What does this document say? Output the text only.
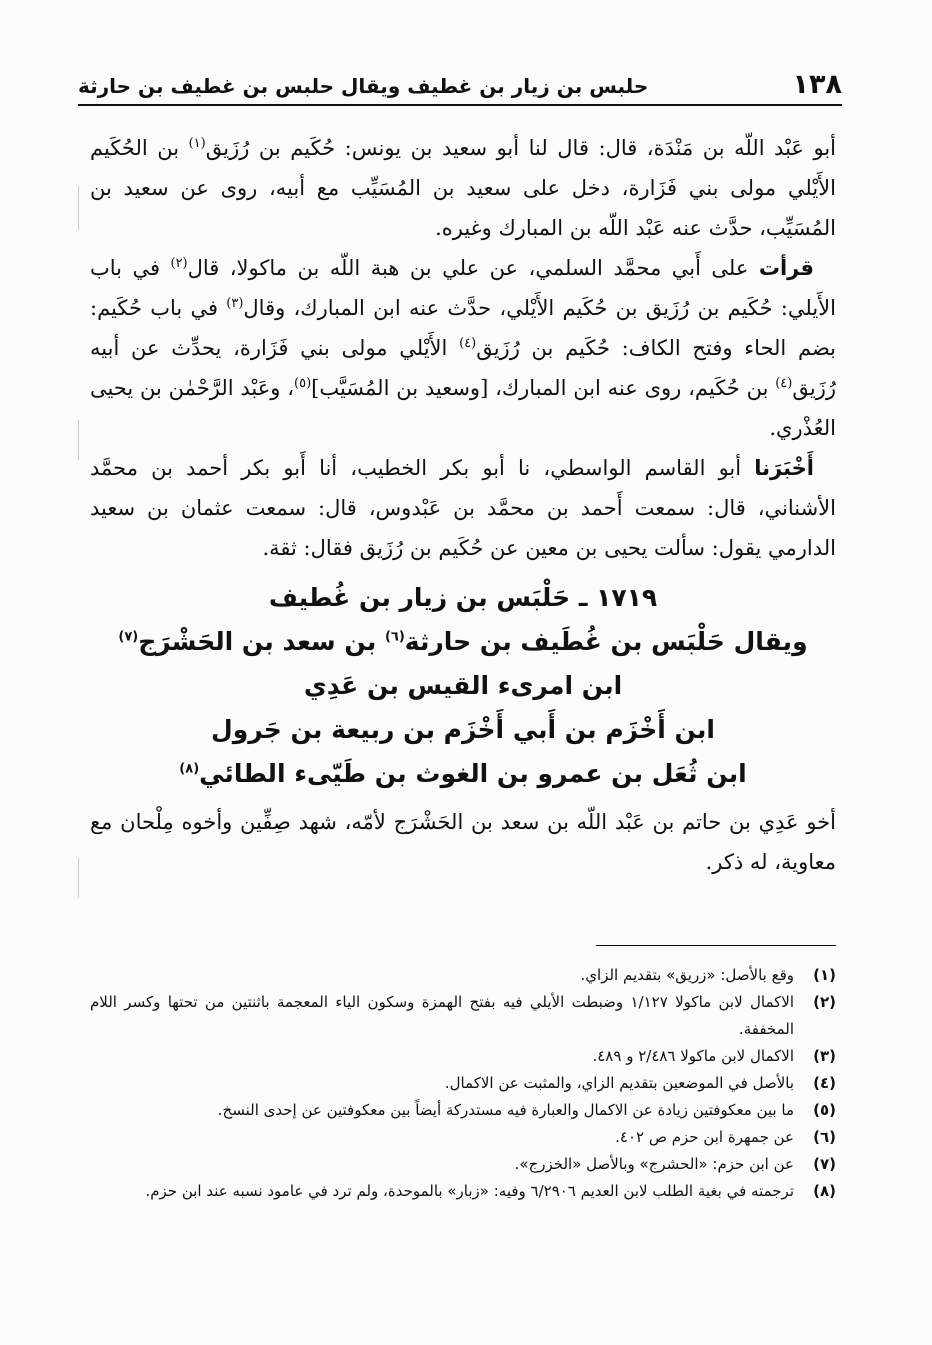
١٣٨
حلبس بن زيار بن غطيف ويقال حلبس بن غطيف بن حارثة

أبو عَبْد اللّه بن مَنْدَة، قال: قال لنا أبو سعيد بن يونس: حُكَيم بن رُزَيق$^{(١)}$ بن الحُكَيم الأَيْلي مولى بني فَزَارة، دخل على سعيد بن المُسَيِّب مع أبيه، روى عن سعيد بن المُسَيِّب، حدَّث عنه عَبْد اللّه بن المبارك وغيره.

قرأت على أَبي محمَّد السلمي، عن علي بن هبة اللّه بن ماكولا، قال$^{(٢)}$ في باب الأَيلي: حُكَيم بن رُزَيق بن حُكَيم الأَيْلي، حدَّث عنه ابن المبارك، وقال$^{(٣)}$ في باب حُكَيم: بضم الحاء وفتح الكاف: حُكَيم بن رُزَيق$^{(٤)}$ الأَيْلي مولى بني فَزَارة، يحدِّث عن أبيه رُزَيق$^{(٤)}$ بن حُكَيم، روى عنه ابن المبارك، [وسعيد بن المُسَيَّب]$^{(٥)}$، وعَبْد الرَّحْمٰن بن يحيى العُذْري.

أَخْبَرَنا أبو القاسم الواسطي، نا أبو بكر الخطيب، أنا أَبو بكر أحمد بن محمَّد الأشناني، قال: سمعت أَحمد بن محمَّد بن عَبْدوس، قال: سمعت عثمان بن سعيد الدارمي يقول: سألت يحيى بن معين عن حُكَيم بن رُزَيق فقال: ثقة.

١٧١٩ ـ حَلْبَس بن زيار بن غُطيف
ويقال حَلْبَس بن غُطَيف بن حارثة$^{(٦)}$ بن سعد بن الحَشْرَج$^{(٧)}$
ابن امرىء القيس بن عَدِي
ابن أَخْزَم بن أَبي أَخْزَم بن ربيعة بن جَرول
ابن ثُعَل بن عمرو بن الغوث بن طَيّىء الطائي$^{(٨)}$

أخو عَدِي بن حاتم بن عَبْد اللّه بن سعد بن الحَشْرَج لأمّه، شهد صِفِّين وأخوه مِلْحان مع معاوية، له ذكر.

(١)
وقع بالأصل: «زريق» بتقديم الزاي.
(٢)
الاكمال لابن ماكولا ١/١٢٧ وضبطت الأيلي فيه بفتح الهمزة وسكون الياء المعجمة باثنتين من تحتها وكسر اللام المخففة.
(٣)
الاكمال لابن ماكولا ٢/٤٨٦ و ٤٨٩.
(٤)
بالأصل في الموضعين بتقديم الزاي، والمثبت عن الاكمال.
(٥)
ما بين معكوفتين زيادة عن الاكمال والعبارة فيه مستدركة أيضاً بين معكوفتين عن إحدى النسخ.
(٦)
عن جمهرة ابن حزم ص ٤٠٢.
(٧)
عن ابن حزم: «الحشرج» وبالأصل «الخزرج».
(٨)
ترجمته في بغية الطلب لابن العديم ٦/٢٩٠٦ وفيه: «زبار» بالموحدة، ولم ترد في عامود نسبه عند ابن حزم.
